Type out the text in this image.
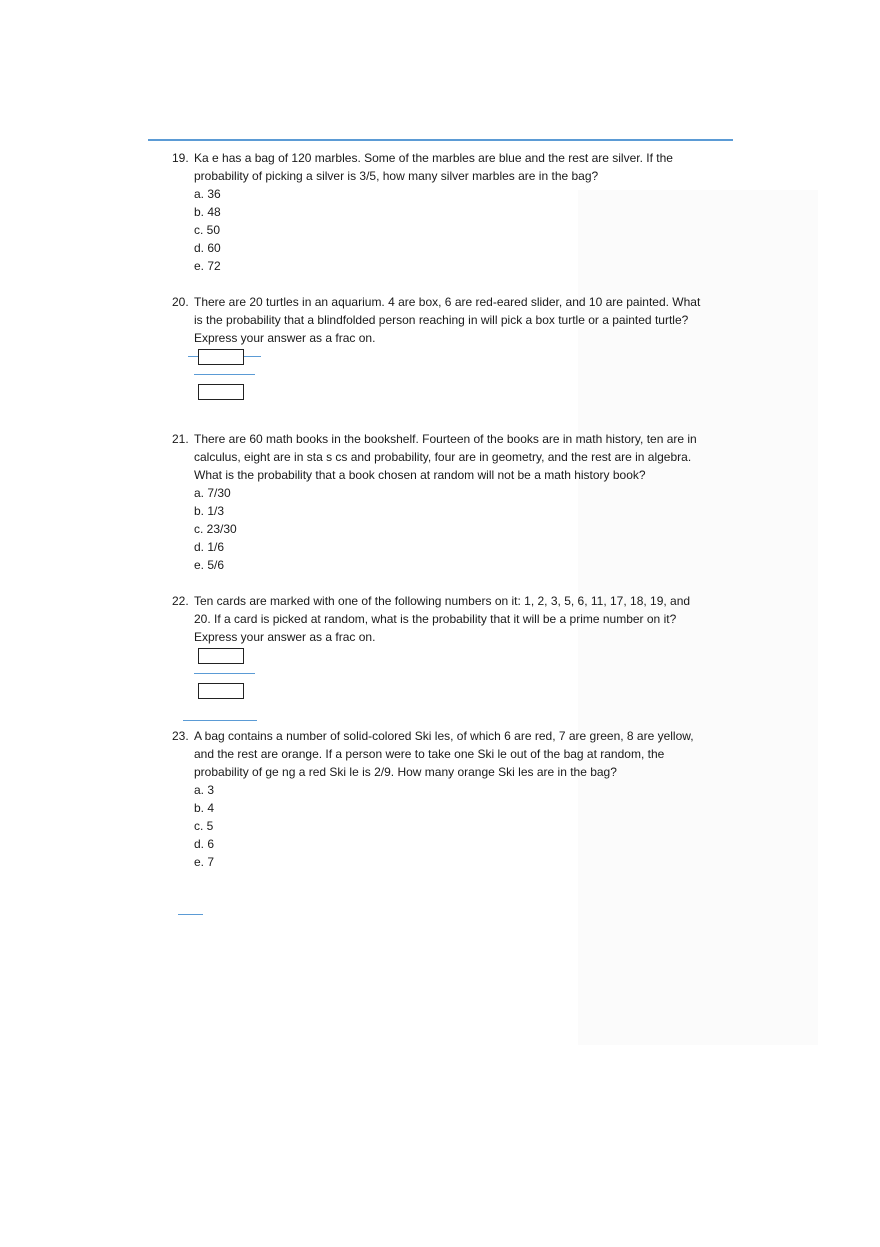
19. Ka e has a bag of 120 marbles. Some of the marbles are blue and the rest are silver. If the
probability of picking a silver is 3/5, how many silver marbles are in the bag?
a. 36
b. 48
c. 50
d. 60
e. 72
20. There are 20 turtles in an aquarium. 4 are box, 6 are red-eared slider, and 10 are painted. What
is the probability that a blindfolded person reaching in will pick a box turtle or a painted turtle?
Express your answer as a frac on.
21. There are 60 math books in the bookshelf. Fourteen of the books are in math history, ten are in
calculus, eight are in sta s cs and probability, four are in geometry, and the rest are in algebra.
What is the probability that a book chosen at random will not be a math history book?
a. 7/30
b. 1/3
c. 23/30
d. 1/6
e. 5/6
22. Ten cards are marked with one of the following numbers on it: 1, 2, 3, 5, 6, 11, 17, 18, 19, and
20. If a card is picked at random, what is the probability that it will be a prime number on it?
Express your answer as a frac on.
23. A bag contains a number of solid-colored Ski les, of which 6 are red, 7 are green, 8 are yellow,
and the rest are orange. If a person were to take one Ski le out of the bag at random, the
probability of ge ng a red Ski le is 2/9. How many orange Ski les are in the bag?
a. 3
b. 4
c. 5
d. 6
e. 7
